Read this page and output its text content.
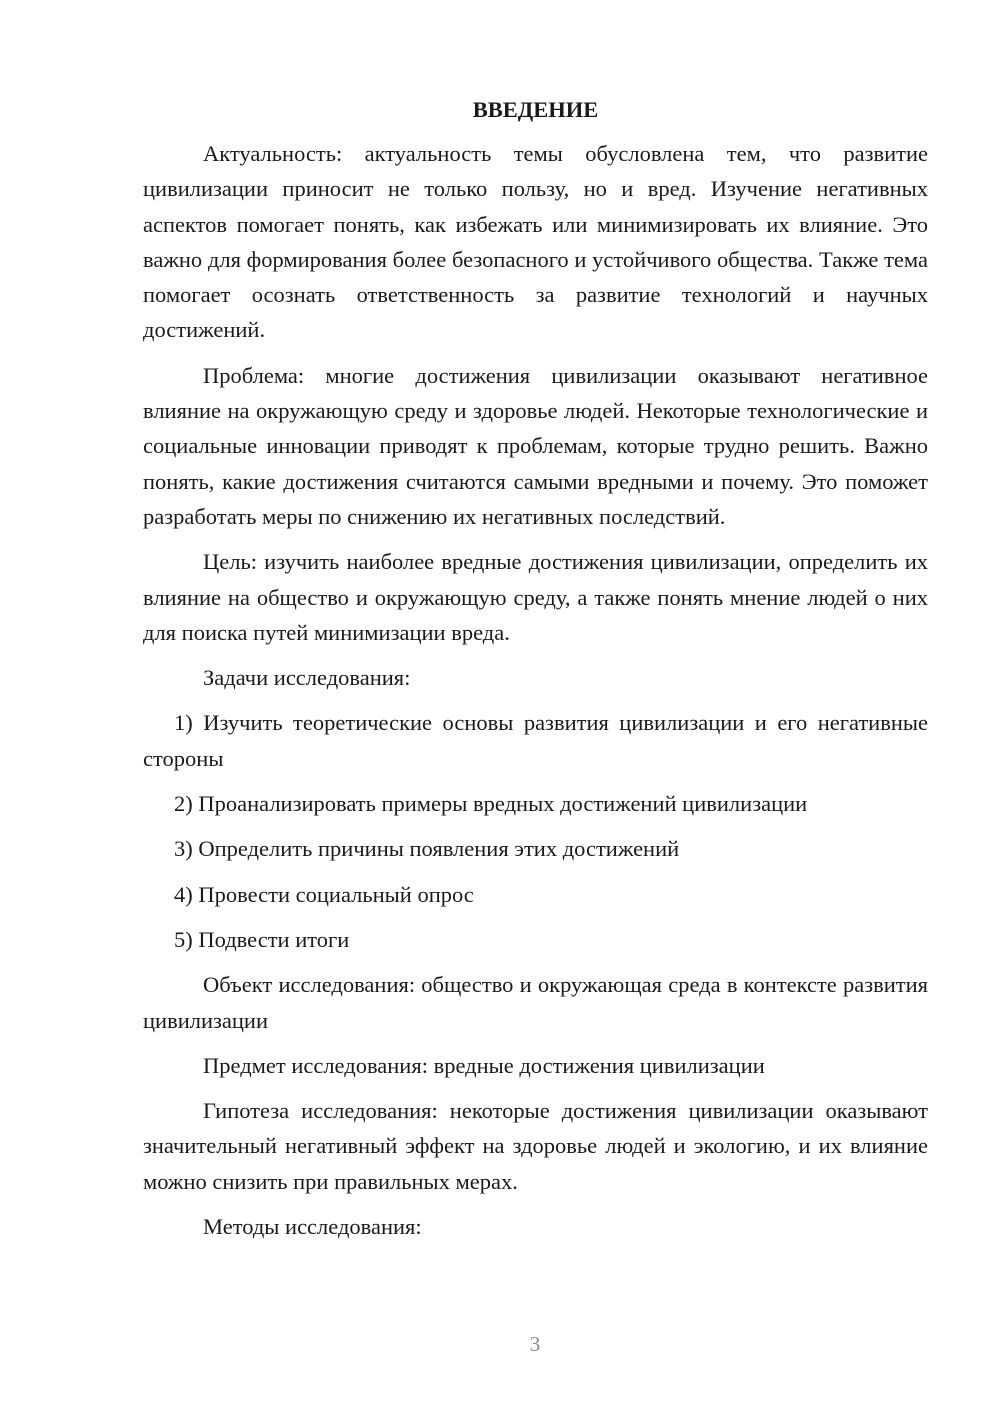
ВВЕДЕНИЕ

Актуальность: актуальность темы обусловлена тем, что развитие цивилизации приносит не только пользу, но и вред. Изучение негативных аспектов помогает понять, как избежать или минимизировать их влияние. Это важно для формирования более безопасного и устойчивого общества. Также тема помогает осознать ответственность за развитие технологий и научных достижений.

Проблема: многие достижения цивилизации оказывают негативное влияние на окружающую среду и здоровье людей. Некоторые технологические и социальные инновации приводят к проблемам, которые трудно решить. Важно понять, какие достижения считаются самыми вредными и почему. Это поможет разработать меры по снижению их негативных последствий.

Цель: изучить наиболее вредные достижения цивилизации, определить их влияние на общество и окружающую среду, а также понять мнение людей о них для поиска путей минимизации вреда.

Задачи исследования:

1) Изучить теоретические основы развития цивилизации и его негативные стороны

2) Проанализировать примеры вредных достижений цивилизации

3) Определить причины появления этих достижений

4) Провести социальный опрос

5) Подвести итоги

Объект исследования: общество и окружающая среда в контексте развития цивилизации

Предмет исследования: вредные достижения цивилизации

Гипотеза исследования: некоторые достижения цивилизации оказывают значительный негативный эффект на здоровье людей и экологию, и их влияние можно снизить при правильных мерах.

Методы исследования:

3
